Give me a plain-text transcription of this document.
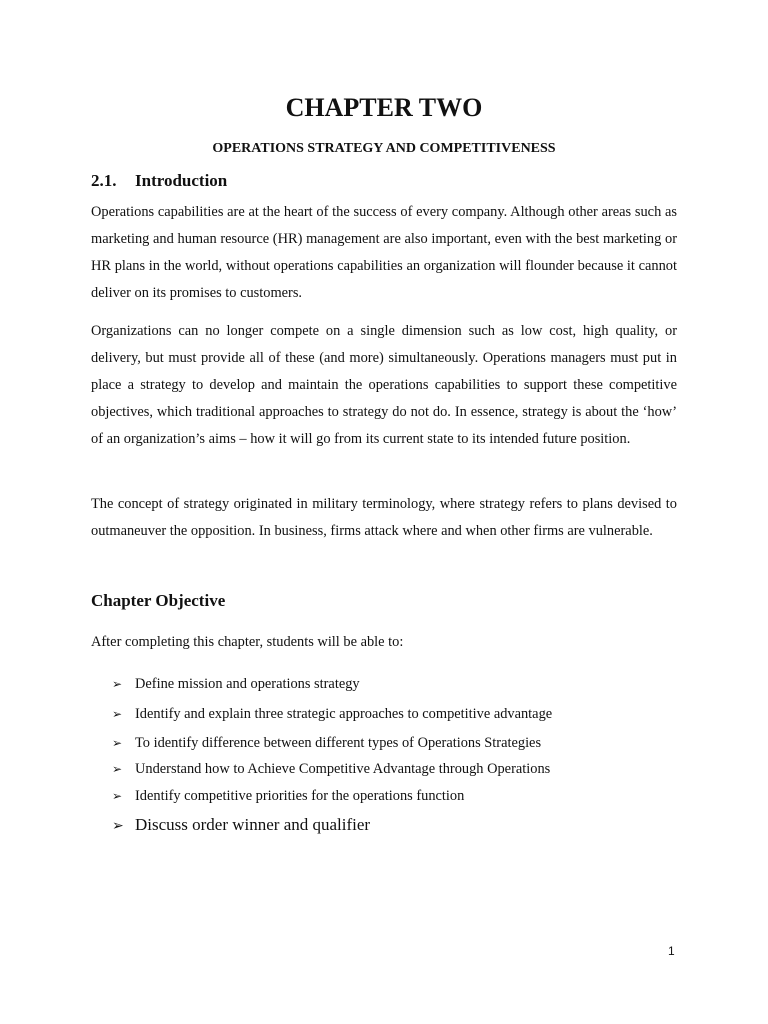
CHAPTER TWO
OPERATIONS STRATEGY AND COMPETITIVENESS
2.1. Introduction

Operations capabilities are at the heart of the success of every company. Although other areas such as marketing and human resource (HR) management are also important, even with the best marketing or HR plans in the world, without operations capabilities an organization will flounder because it cannot deliver on its promises to customers.

Organizations can no longer compete on a single dimension such as low cost, high quality, or delivery, but must provide all of these (and more) simultaneously. Operations managers must put in place a strategy to develop and maintain the operations capabilities to support these competitive objectives, which traditional approaches to strategy do not do. In essence, strategy is about the ‘how’ of an organization’s aims – how it will go from its current state to its intended future position.

The concept of strategy originated in military terminology, where strategy refers to plans devised to outmaneuver the opposition. In business, firms attack where and when other firms are vulnerable.

Chapter Objective
After completing this chapter, students will be able to:
➢ Define mission and operations strategy
➢ Identify and explain three strategic approaches to competitive advantage
➢ To identify difference between different types of Operations Strategies
➢ Understand how to Achieve Competitive Advantage through Operations
➢ Identify competitive priorities for the operations function
➢ Discuss order winner and qualifier
1
